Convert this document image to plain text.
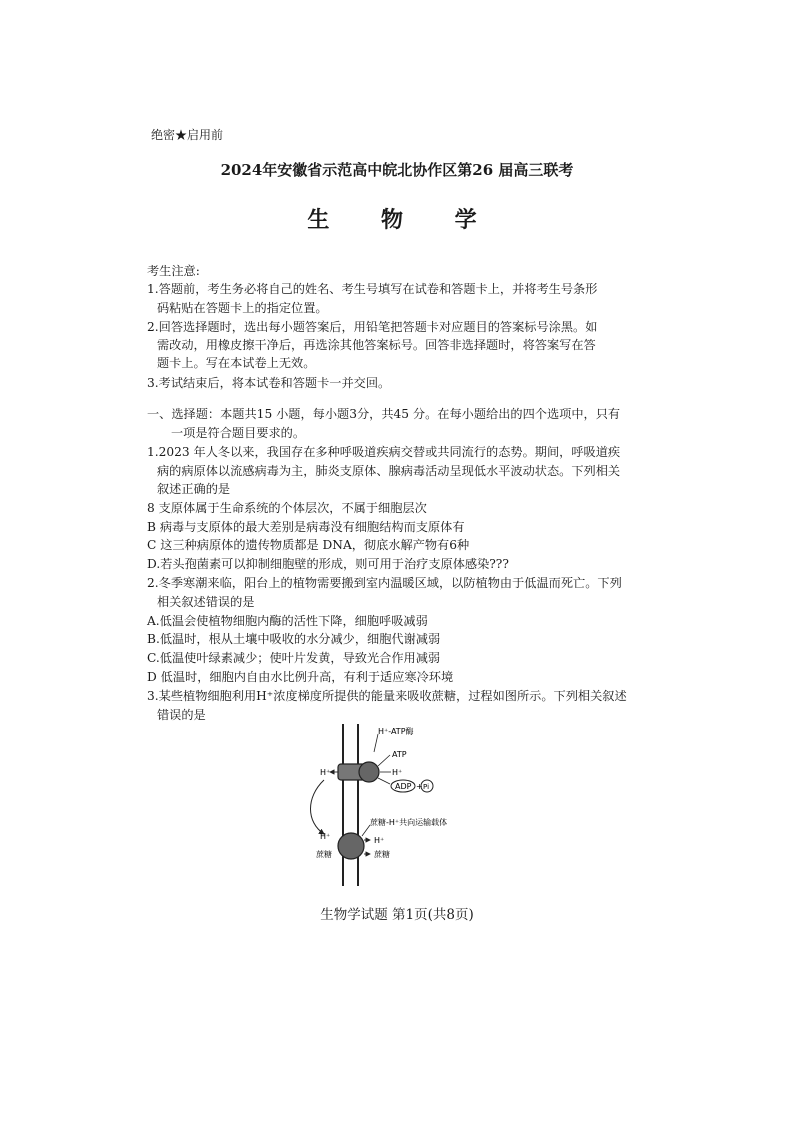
绝密★启用前
2024年安徽省示范高中皖北协作区第26 届高三联考
生 物 学
考生注意:
1.答题前，考生务必将自己的姓名、考生号填写在试卷和答题卡上，并将考生号条形
码粘贴在答题卡上的指定位置。
2.回答选择题时，选出每小题答案后，用铅笔把答题卡对应题目的答案标号涂黑。如
需改动，用橡皮擦干净后，再选涂其他答案标号。回答非选择题时，将答案写在答
题卡上。写在本试卷上无效。
3.考试结束后，将本试卷和答题卡一并交回。
一、选择题：本题共15 小题，每小题3分，共45 分。在每小题给出的四个选项中，只有
一项是符合题目要求的。
1.2023 年人冬以来，我国存在多种呼吸道疾病交替或共同流行的态势。期间，呼吸道疾
病的病原体以流感病毒为主，肺炎支原体、腺病毒活动呈现低水平波动状态。下列相关
叙述正确的是
8 支原体属于生命系统的个体层次，不属于细胞层次
B 病毒与支原体的最大差别是病毒没有细胞结构而支原体有
C 这三种病原体的遗传物质都是 DNA，彻底水解产物有6种
D.若头孢菌素可以抑制细胞壁的形成，则可用于治疗支原体感染???
2.冬季寒潮来临，阳台上的植物需要搬到室内温暖区域，以防植物由于低温而死亡。下列
相关叙述错误的是
A.低温会使植物细胞内酶的活性下降，细胞呼吸减弱
B.低温时，根从土壤中吸收的水分减少，细胞代谢减弱
C.低温使叶绿素减少；使叶片发黄，导致光合作用减弱
D 低温时，细胞内自由水比例升高，有利于适应寒冷环境
3.某些植物细胞利用H⁺浓度梯度所提供的能量来吸收蔗糖，过程如图所示。下列相关叙述
错误的是
H⁺-ATP酶
ATP
H⁺
ADP + Pi
H⁺
蔗糖-H⁺共向运输载体
H⁺	H⁺
蔗糖	蔗糖
生物学试题 第1页(共8页)
